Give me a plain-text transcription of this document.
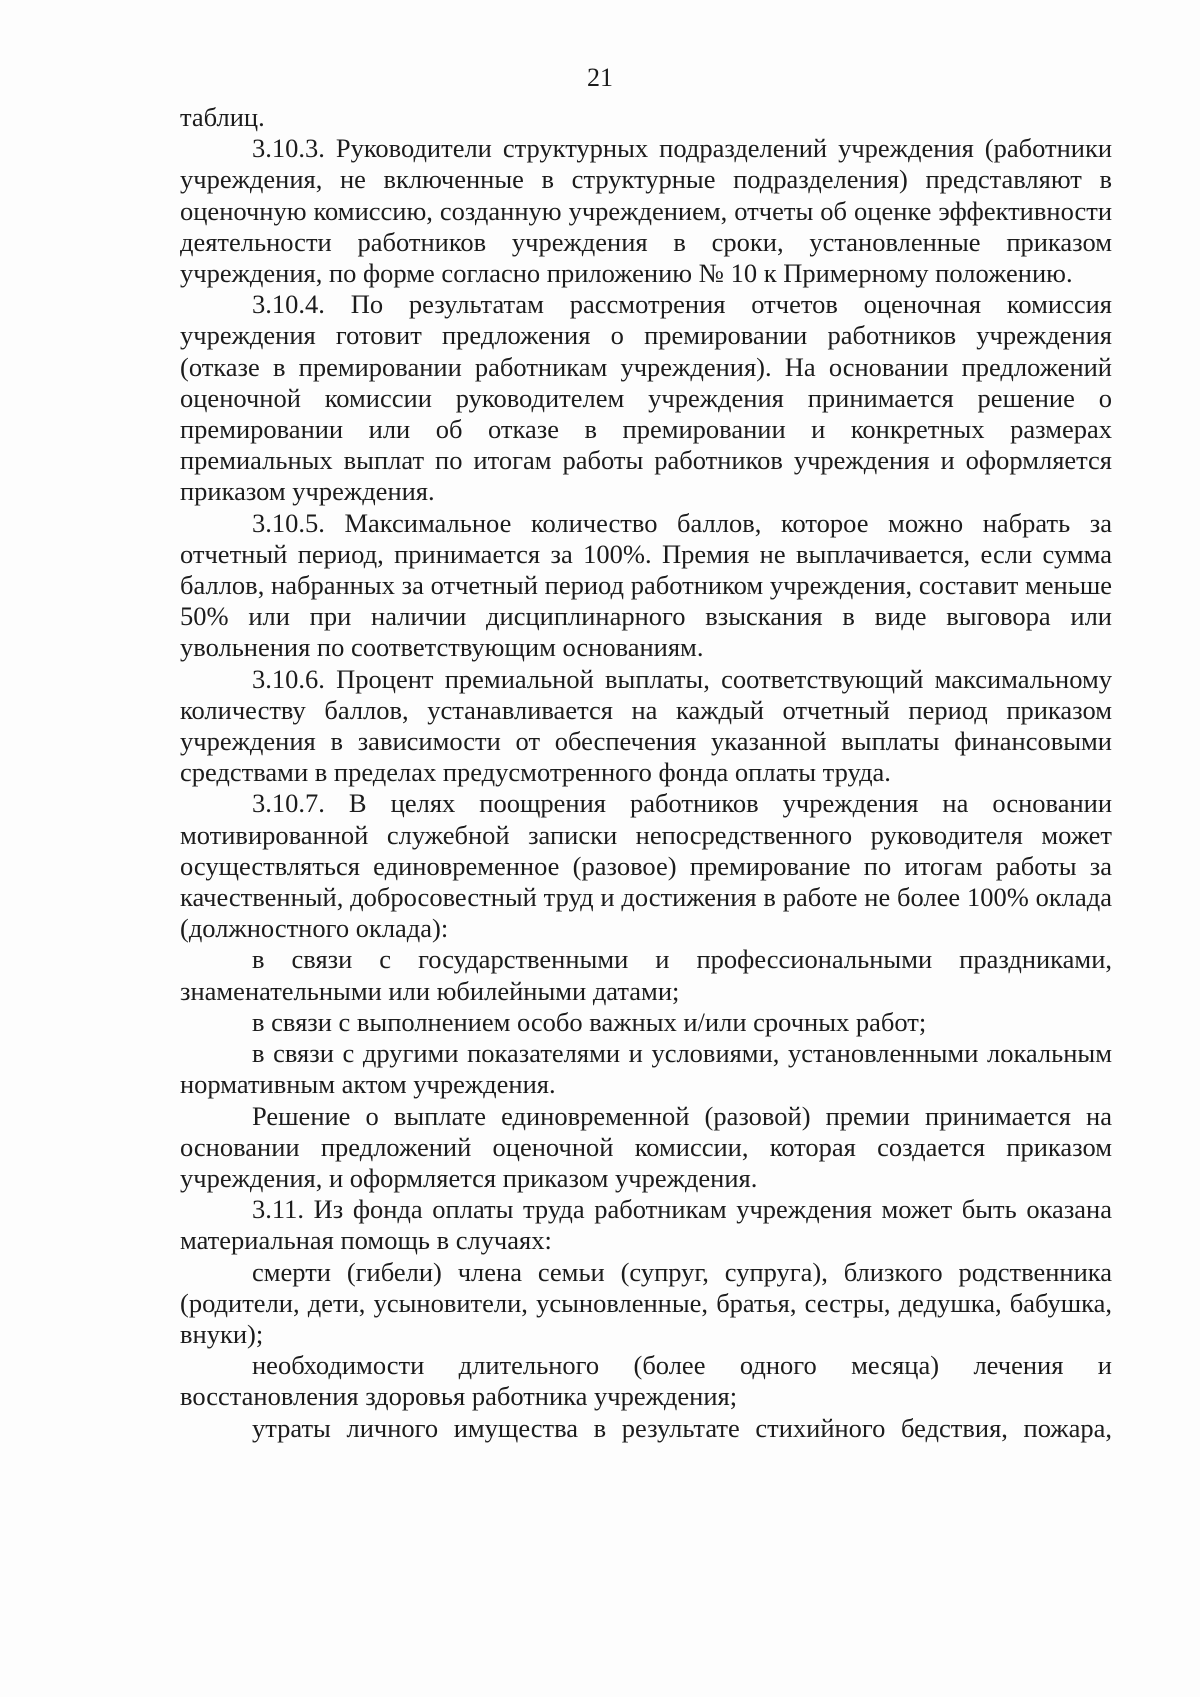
21

таблиц.

3.10.3. Руководители структурных подразделений учреждения (работники учреждения, не включенные в структурные подразделения) представляют в оценочную комиссию, созданную учреждением, отчеты об оценке эффективности деятельности работников учреждения в сроки, установленные приказом учреждения, по форме согласно приложению № 10 к Примерному положению.

3.10.4. По результатам рассмотрения отчетов оценочная комиссия учреждения готовит предложения о премировании работников учреждения (отказе в премировании работникам учреждения). На основании предложений оценочной комиссии руководителем учреждения принимается решение о премировании или об отказе в премировании и конкретных размерах премиальных выплат по итогам работы работников учреждения и оформляется приказом учреждения.

3.10.5. Максимальное количество баллов, которое можно набрать за отчетный период, принимается за 100%. Премия не выплачивается, если сумма баллов, набранных за отчетный период работником учреждения, составит меньше 50% или при наличии дисциплинарного взыскания в виде выговора или увольнения по соответствующим основаниям.

3.10.6. Процент премиальной выплаты, соответствующий максимальному количеству баллов, устанавливается на каждый отчетный период приказом учреждения в зависимости от обеспечения указанной выплаты финансовыми средствами в пределах предусмотренного фонда оплаты труда.

3.10.7. В целях поощрения работников учреждения на основании мотивированной служебной записки непосредственного руководителя может осуществляться единовременное (разовое) премирование по итогам работы за качественный, добросовестный труд и достижения в работе не более 100% оклада (должностного оклада):

в связи с государственными и профессиональными праздниками, знаменательными или юбилейными датами;

в связи с выполнением особо важных и/или срочных работ;

в связи с другими показателями и условиями, установленными локальным нормативным актом учреждения.

Решение о выплате единовременной (разовой) премии принимается на основании предложений оценочной комиссии, которая создается приказом учреждения, и оформляется приказом учреждения.

3.11. Из фонда оплаты труда работникам учреждения может быть оказана материальная помощь в случаях:

смерти (гибели) члена семьи (супруг, супруга), близкого родственника (родители, дети, усыновители, усыновленные, братья, сестры, дедушка, бабушка, внуки);

необходимости длительного (более одного месяца) лечения и восстановления здоровья работника учреждения;

утраты личного имущества в результате стихийного бедствия, пожара,
